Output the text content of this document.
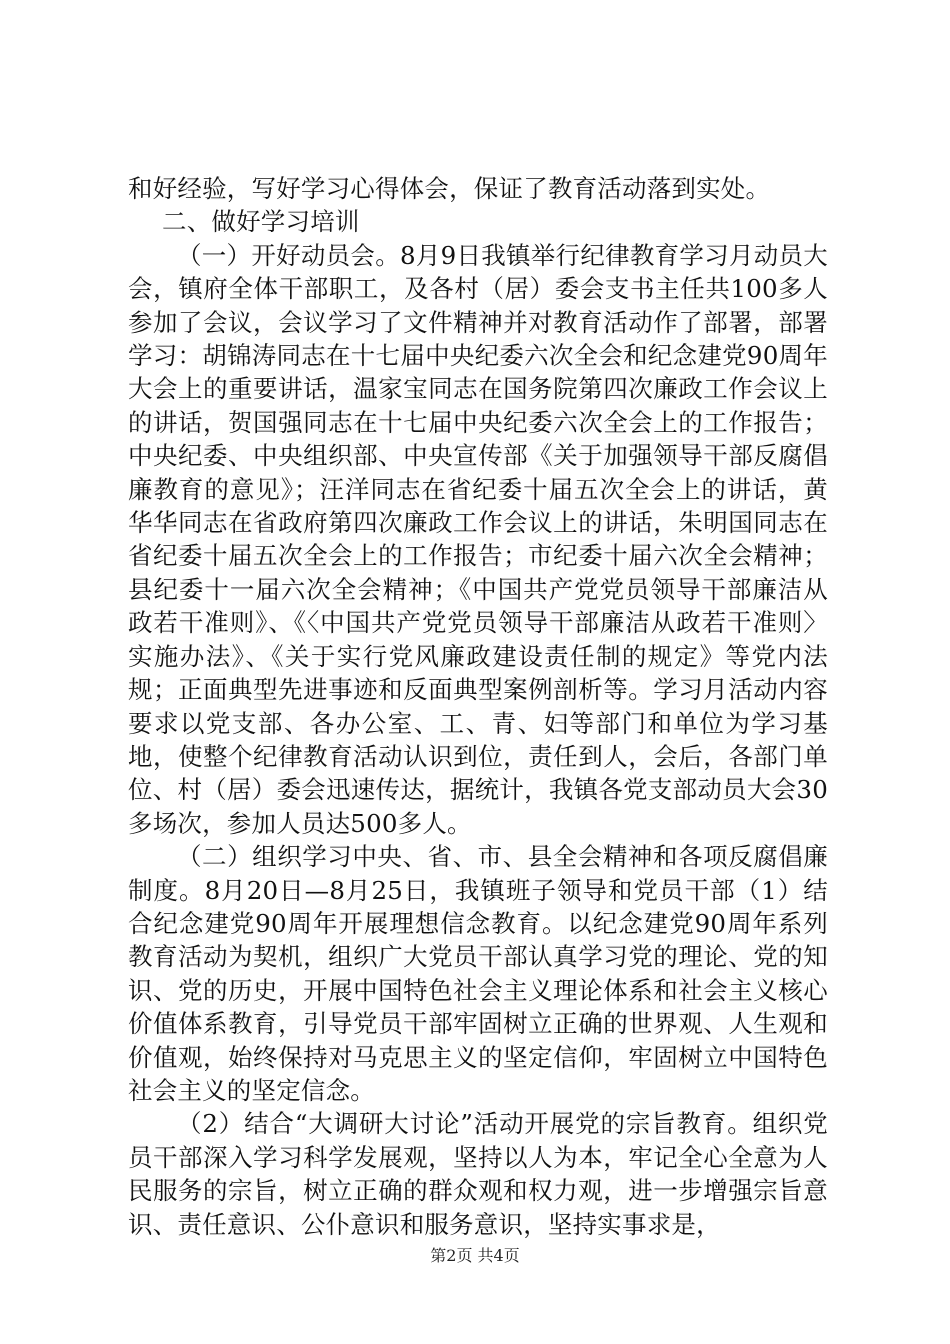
和好经验，写好学习心得体会，保证了教育活动落到实处。

二、做好学习培训

（一）开好动员会。8月9日我镇举行纪律教育学习月动员大会，镇府全体干部职工，及各村（居）委会支书主任共100多人参加了会议，会议学习了文件精神并对教育活动作了部署，部署学习：胡锦涛同志在十七届中央纪委六次全会和纪念建党90周年大会上的重要讲话，温家宝同志在国务院第四次廉政工作会议上的讲话，贺国强同志在十七届中央纪委六次全会上的工作报告；中央纪委、中央组织部、中央宣传部《关于加强领导干部反腐倡廉教育的意见》；汪洋同志在省纪委十届五次全会上的讲话，黄华华同志在省政府第四次廉政工作会议上的讲话，朱明国同志在省纪委十届五次全会上的工作报告；市纪委十届六次全会精神；县纪委十一届六次全会精神；《中国共产党党员领导干部廉洁从政若干准则》、《〈中国共产党党员领导干部廉洁从政若干准则〉实施办法》、《关于实行党风廉政建设责任制的规定》等党内法规；正面典型先进事迹和反面典型案例剖析等。学习月活动内容要求以党支部、各办公室、工、青、妇等部门和单位为学习基地，使整个纪律教育活动认识到位，责任到人，会后，各部门单位、村（居）委会迅速传达，据统计，我镇各党支部动员大会30多场次，参加人员达500多人。

（二）组织学习中央、省、市、县全会精神和各项反腐倡廉制度。8月20日—8月25日，我镇班子领导和党员干部（1）结合纪念建党90周年开展理想信念教育。以纪念建党90周年系列教育活动为契机，组织广大党员干部认真学习党的理论、党的知识、党的历史，开展中国特色社会主义理论体系和社会主义核心价值体系教育，引导党员干部牢固树立正确的世界观、人生观和价值观，始终保持对马克思主义的坚定信仰，牢固树立中国特色社会主义的坚定信念。

（2）结合“大调研大讨论”活动开展党的宗旨教育。组织党员干部深入学习科学发展观，坚持以人为本，牢记全心全意为人民服务的宗旨，树立正确的群众观和权力观，进一步增强宗旨意识、责任意识、公仆意识和服务意识，坚持实事求是，

第2页 共4页
